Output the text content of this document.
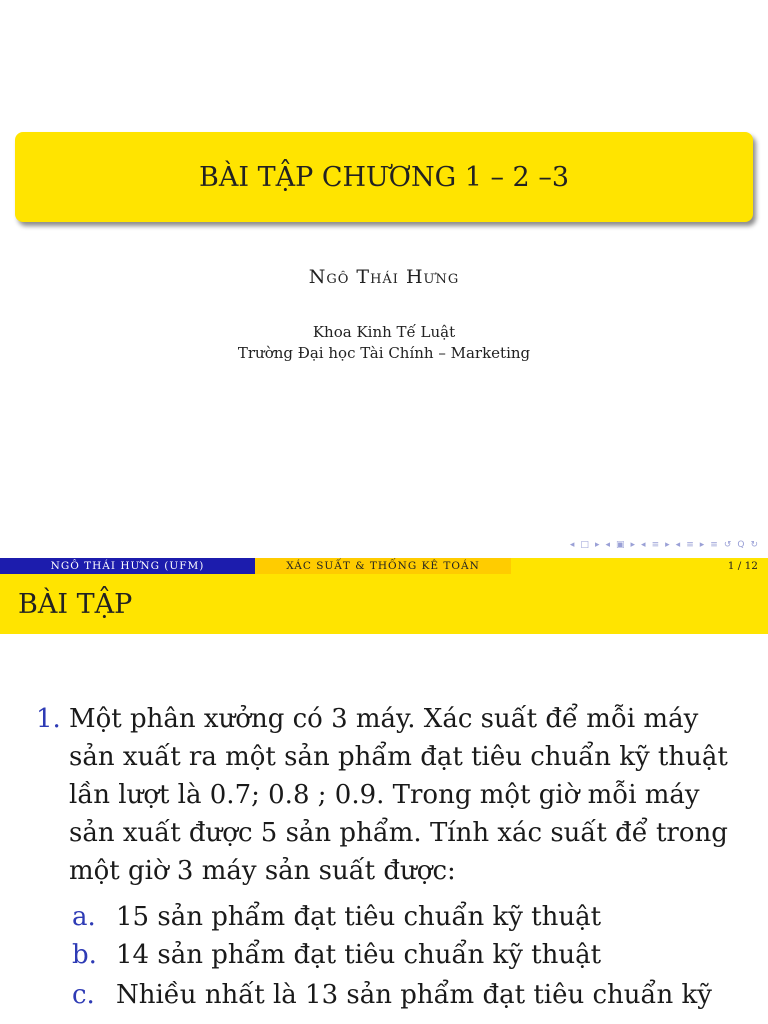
BÀI TẬP CHƯƠNG 1 – 2 –3
Ngô Thái Hưng
Khoa Kinh Tế Luật
Trường Đại học Tài Chính – Marketing
◂ □ ▸ ◂ ▣ ▸ ◂ ≡ ▸ ◂ ≡ ▸ ≡ ↺ Q ↻
NGÔ THÁI HƯNG (UFM)	XÁC SUẤT & THỐNG KÊ TOÁN	1 / 12
BÀI TẬP
1. Một phân xưởng có 3 máy. Xác suất để mỗi máy
sản xuất ra một sản phẩm đạt tiêu chuẩn kỹ thuật
lần lượt là 0.7; 0.8 ; 0.9. Trong một giờ mỗi máy
sản xuất được 5 sản phẩm. Tính xác suất để trong
một giờ 3 máy sản suất được:
a. 15 sản phẩm đạt tiêu chuẩn kỹ thuật
b. 14 sản phẩm đạt tiêu chuẩn kỹ thuật
c. Nhiều nhất là 13 sản phẩm đạt tiêu chuẩn kỹ
